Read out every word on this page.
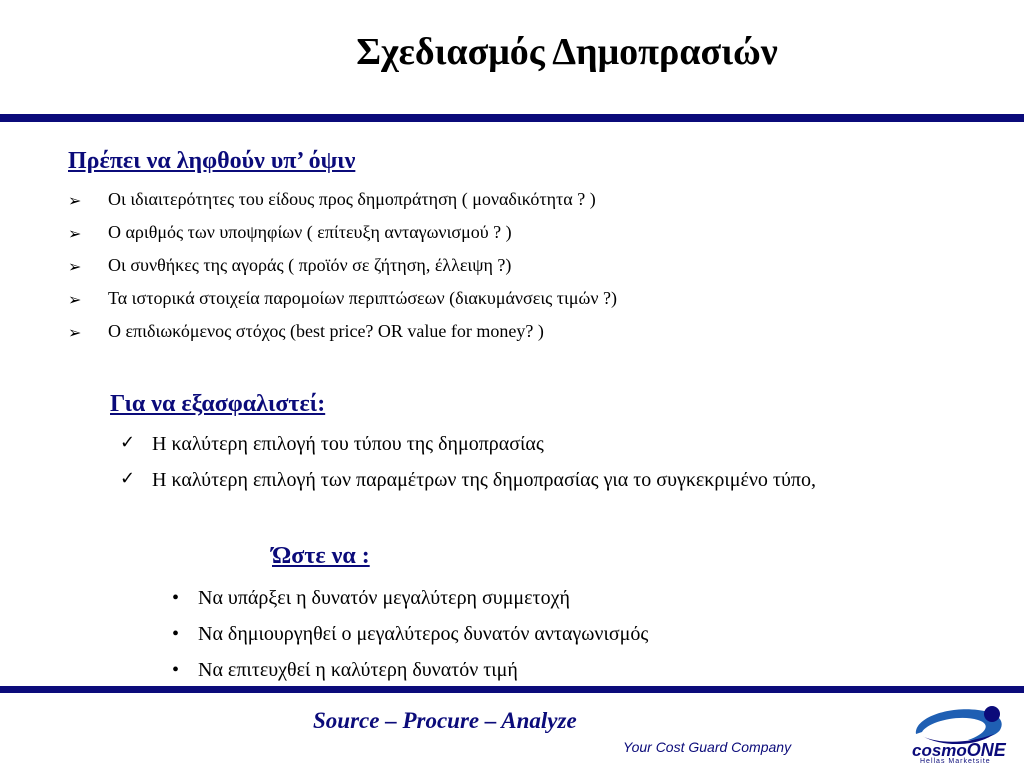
Σχεδιασμός Δημοπρασιών
Πρέπει να ληφθούν υπ’ όψιν
➢	Οι ιδιαιτερότητες του είδους προς δημοπράτηση ( μοναδικότητα ? )
➢	Ο αριθμός των υποψηφίων ( επίτευξη ανταγωνισμού ? )
➢	Οι συνθήκες της αγοράς ( προϊόν σε ζήτηση, έλλειψη ?)
➢	Τα ιστορικά στοιχεία παρομοίων περιπτώσεων (διακυμάνσεις τιμών ?)
➢	Ο επιδιωκόμενος στόχος (best price? OR value for money? )
Για να εξασφαλιστεί:
✓ Η καλύτερη επιλογή του τύπου της δημοπρασίας
✓ Η καλύτερη επιλογή των παραμέτρων της δημοπρασίας για το συγκεκριμένο τύπο,
Ώστε να :
• Να υπάρξει η δυνατόν μεγαλύτερη συμμετοχή
• Να δημιουργηθεί ο μεγαλύτερος δυνατόν ανταγωνισμός
• Να επιτευχθεί η καλύτερη δυνατόν τιμή
Source – Procure – Analyze
Your Cost Guard Company	cosmoONE
Hellas Marketsite
